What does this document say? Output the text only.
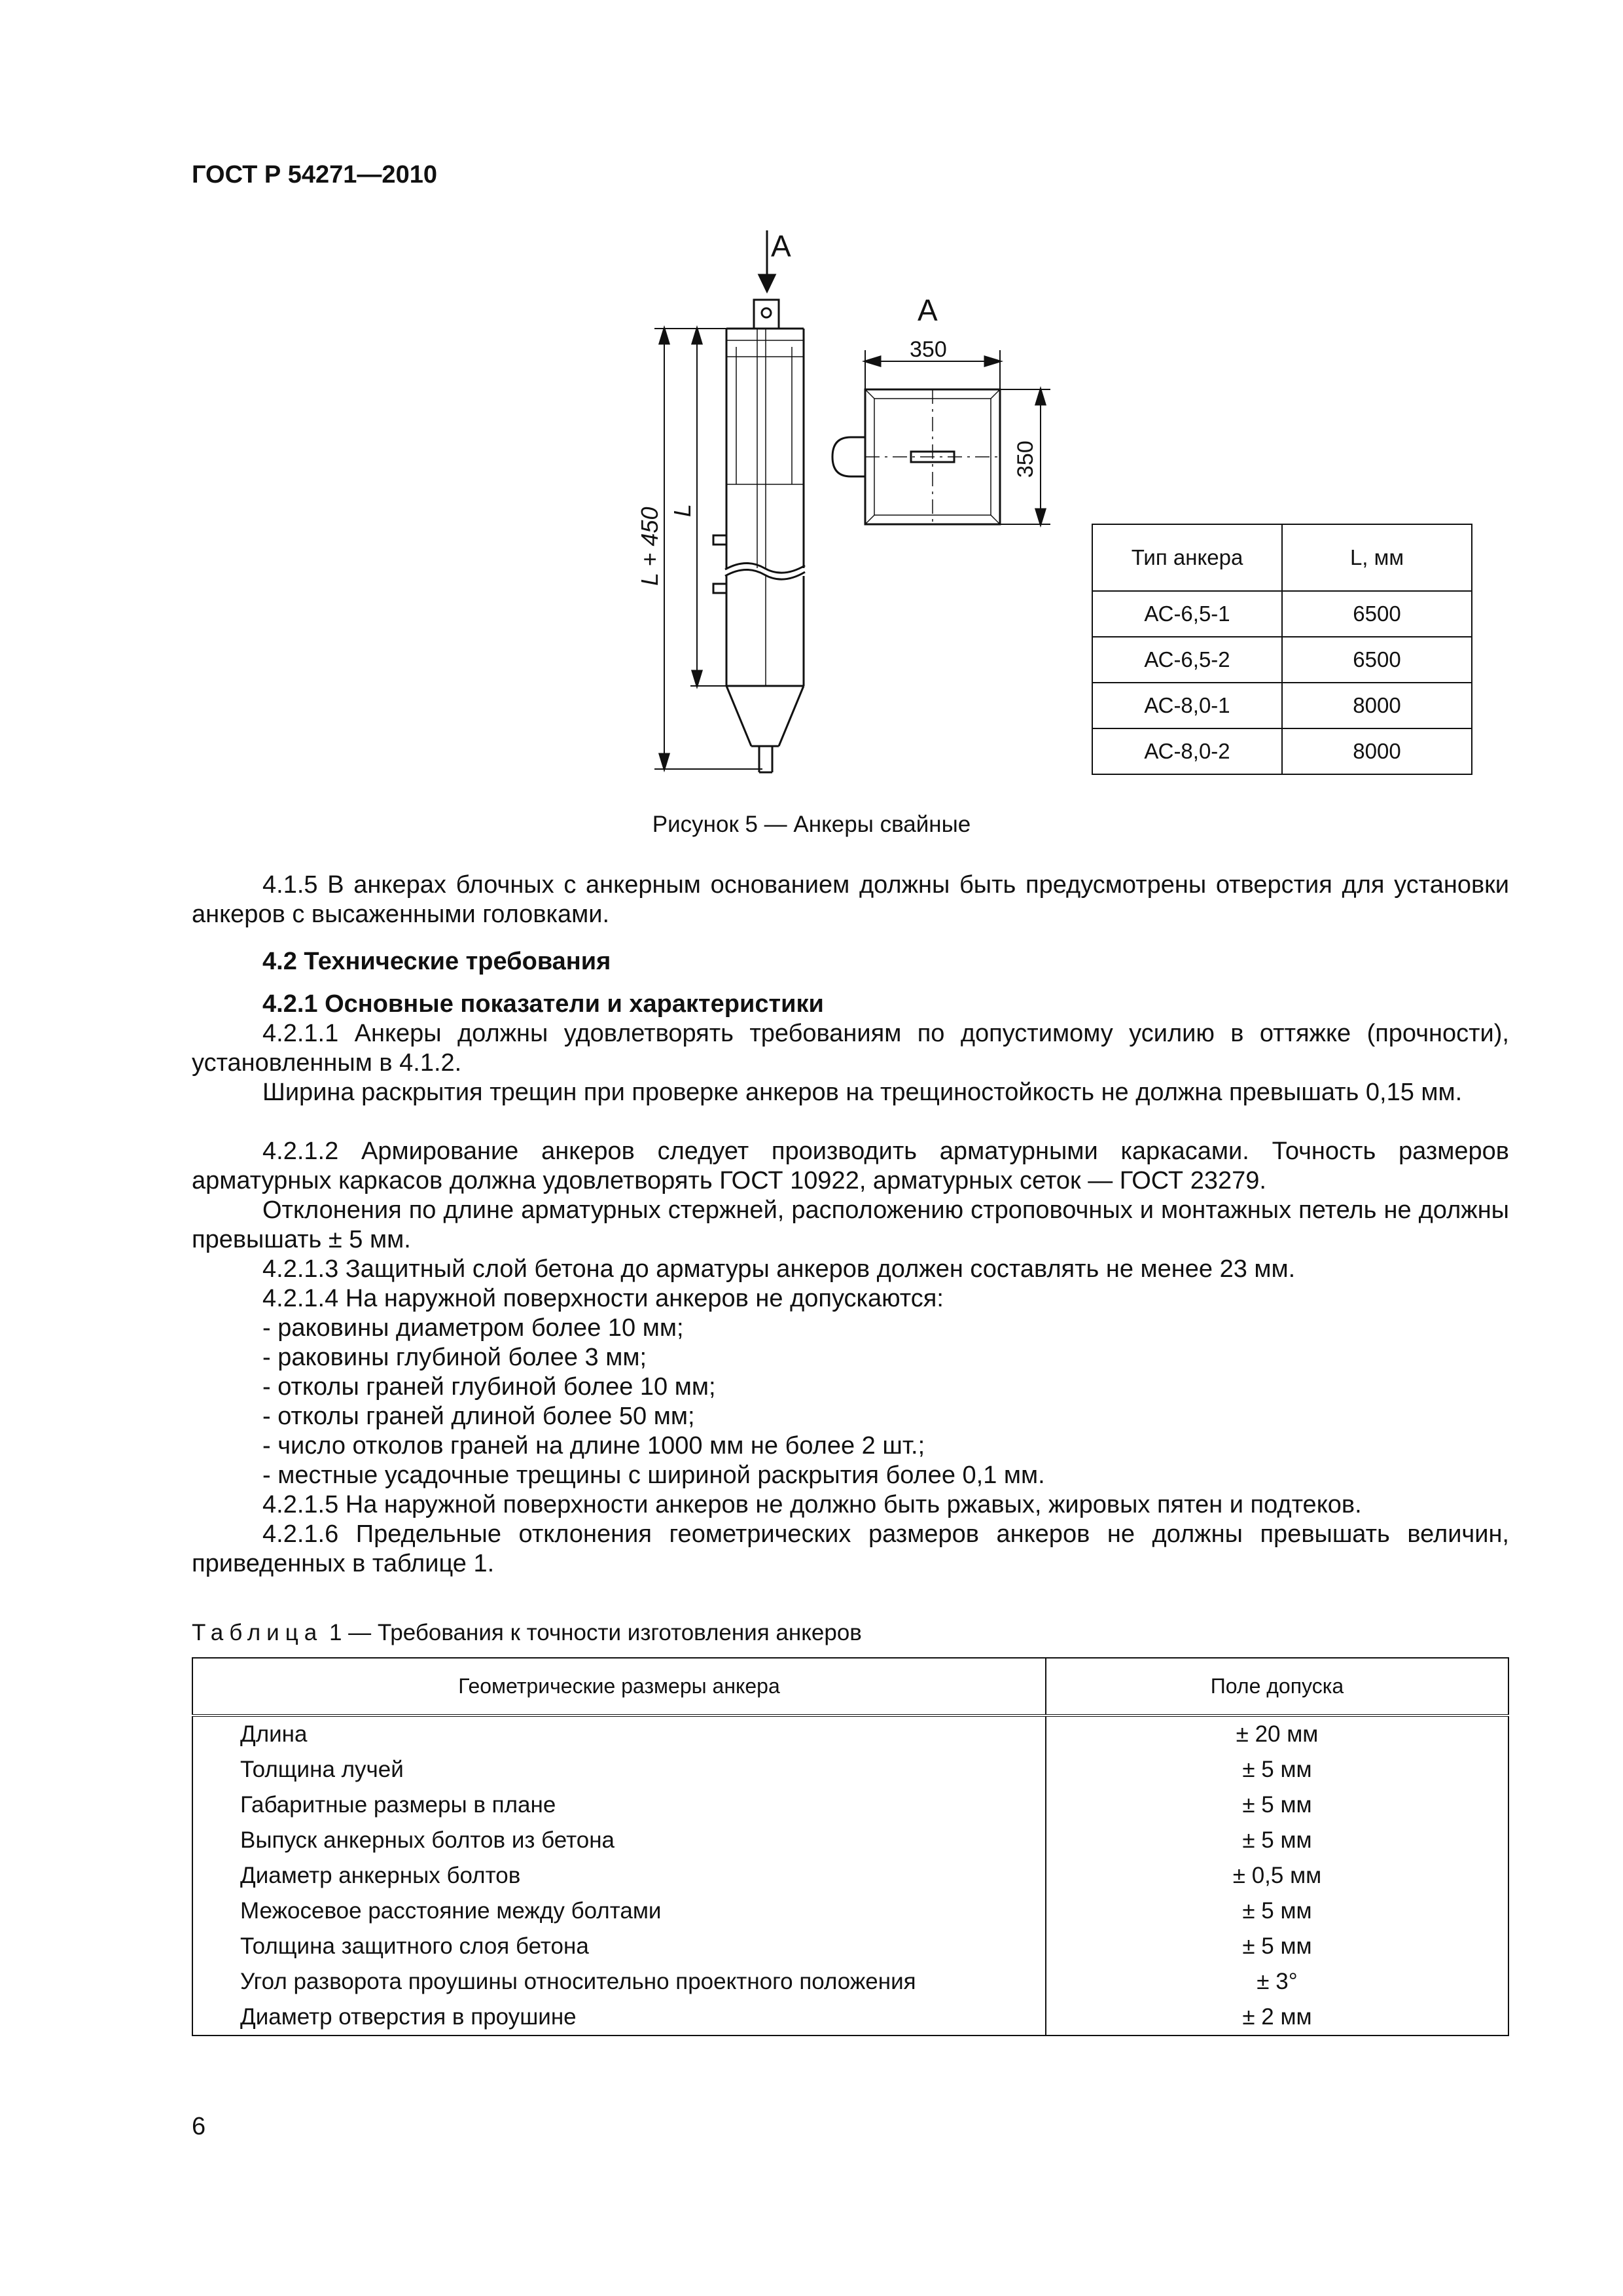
ГОСТ Р 54271—2010
А
А
350
350
L + 450 L
Тип анкера	L, мм
АС-6,5-1	6500
АС-6,5-2	6500
АС-8,0-1	8000
АС-8,0-2	8000
Рисунок 5 — Анкеры свайные
4.1.5 В анкерах блочных с анкерным основанием должны быть предусмотрены отверстия для установки анкеров с высаженными головками.
4.2 Технические требования
4.2.1 Основные показатели и характеристики
4.2.1.1 Анкеры должны удовлетворять требованиям по допустимому усилию в оттяжке (прочности), установленным в 4.1.2.
Ширина раскрытия трещин при проверке анкеров на трещиностойкость не должна превышать 0,15 мм.
4.2.1.2 Армирование анкеров следует производить арматурными каркасами. Точность размеров арматурных каркасов должна удовлетворять ГОСТ 10922, арматурных сеток — ГОСТ 23279.
Отклонения по длине арматурных стержней, расположению строповочных и монтажных петель не должны превышать ± 5 мм.
4.2.1.3 Защитный слой бетона до арматуры анкеров должен составлять не менее 23 мм.
4.2.1.4 На наружной поверхности анкеров не допускаются:
- раковины диаметром более 10 мм;
- раковины глубиной более 3 мм;
- отколы граней глубиной более 10 мм;
- отколы граней длиной более 50 мм;
- число отколов граней на длине 1000 мм не более 2 шт.;
- местные усадочные трещины с шириной раскрытия более 0,1 мм.
4.2.1.5 На наружной поверхности анкеров не должно быть ржавых, жировых пятен и подтеков.
4.2.1.6 Предельные отклонения геометрических размеров анкеров не должны превышать величин, приведенных в таблице 1.
Таблица 1 — Требования к точности изготовления анкеров
Геометрические размеры анкера	Поле допуска
Длина	± 20 мм
Толщина лучей	± 5 мм
Габаритные размеры в плане	± 5 мм
Выпуск анкерных болтов из бетона	± 5 мм
Диаметр анкерных болтов	± 0,5 мм
Межосевое расстояние между болтами	± 5 мм
Толщина защитного слоя бетона	± 5 мм
Угол разворота проушины относительно проектного положения	± 3°
Диаметр отверстия в проушине	± 2 мм
6
